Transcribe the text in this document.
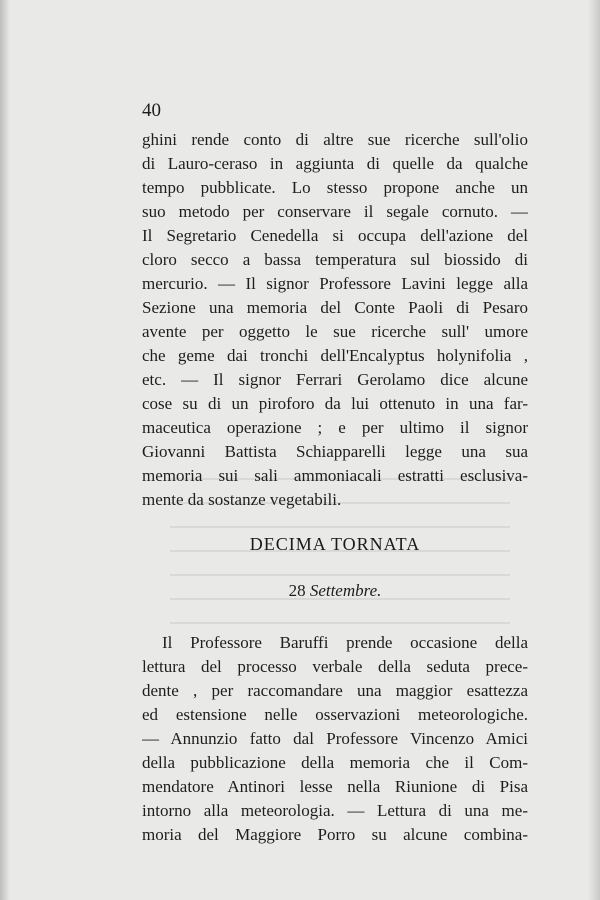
40
ghini rende conto di altre sue ricerche sull'olio
di Lauro-ceraso in aggiunta di quelle da qualche
tempo pubblicate. Lo stesso propone anche un
suo metodo per conservare il segale cornuto. —
Il Segretario Cenedella si occupa dell'azione del
cloro secco a bassa temperatura sul biossido di
mercurio. — Il signor Professore Lavini legge alla
Sezione una memoria del Conte Paoli di Pesaro
avente per oggetto le sue ricerche sull' umore
che geme dai tronchi dell'Encalyptus holynifolia ,
etc. — Il signor Ferrari Gerolamo dice alcune
cose su di un piroforo da lui ottenuto in una far-
maceutica operazione ; e per ultimo il signor
Giovanni Battista Schiapparelli legge una sua
memoria sui sali ammoniacali estratti esclusiva-
mente da sostanze vegetabili.
DECIMA TORNATA
28 Settembre.
Il Professore Baruffi prende occasione della
lettura del processo verbale della seduta prece-
dente , per raccomandare una maggior esattezza
ed estensione nelle osservazioni meteorologiche.
— Annunzio fatto dal Professore Vincenzo Amici
della pubblicazione della memoria che il Com-
mendatore Antinori lesse nella Riunione di Pisa
intorno alla meteorologia. — Lettura di una me-
moria del Maggiore Porro su alcune combina-
